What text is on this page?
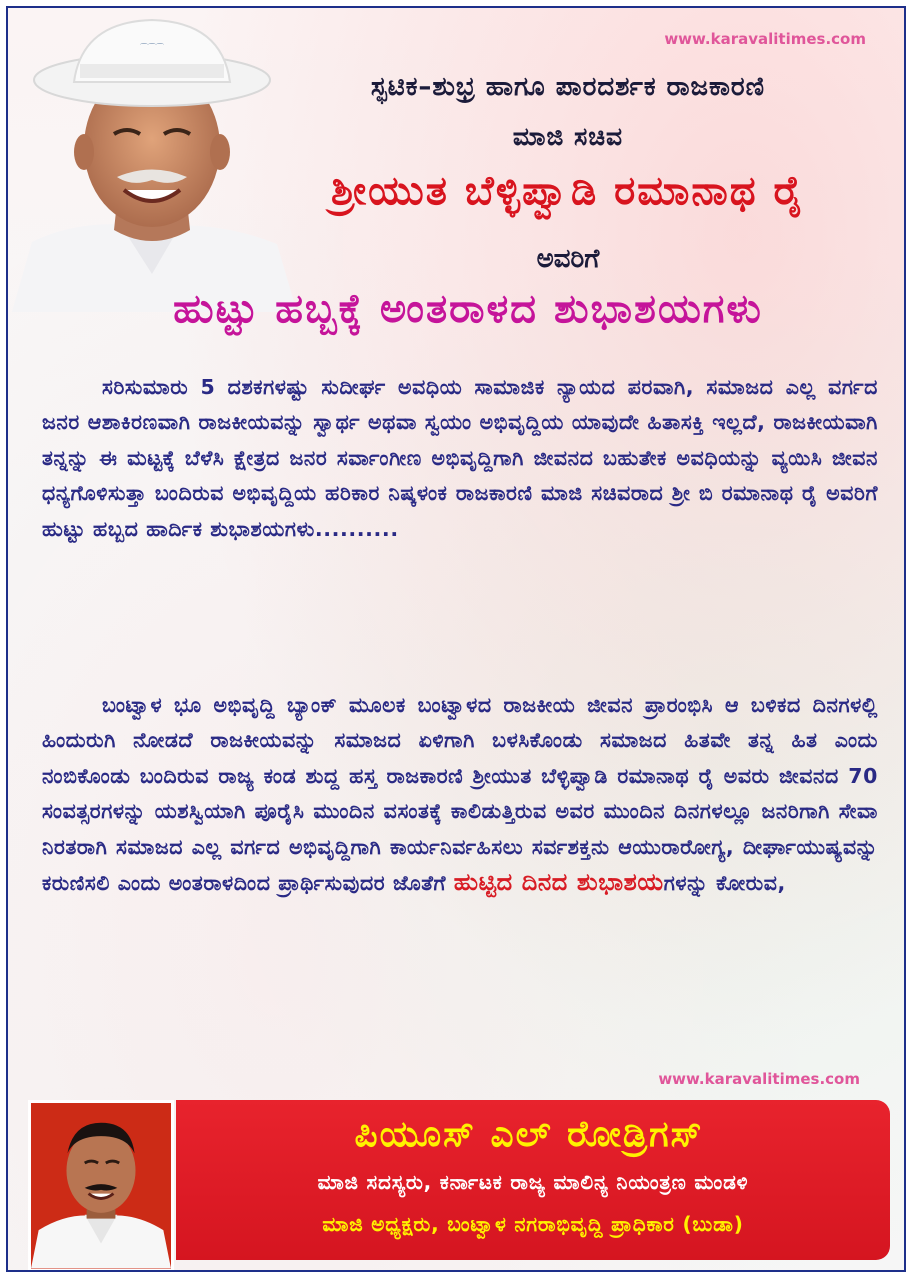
⌒⌒⌒	www.karavalitimes.com
ಸ್ಫಟಿಕ–ಶುಭ್ರ ಹಾಗೂ ಪಾರದರ್ಶಕ ರಾಜಕಾರಣಿ
ಮಾಜಿ ಸಚಿವ
ಶ್ರೀಯುತ ಬೆಳ್ಳಿಪ್ವಾಡಿ ರಮಾನಾಥ ರೈ
ಅವರಿಗೆ
ಹುಟ್ಟು ಹಬ್ಬಕ್ಕೆ ಅಂತರಾಳದ ಶುಭಾಶಯಗಳು
ಸರಿಸುಮಾರು 5 ದಶಕಗಳಷ್ಟು ಸುದೀರ್ಘ ಅವಧಿಯ ಸಾಮಾಜಿಕ ನ್ಯಾಯದ ಪರವಾಗಿ, ಸಮಾಜದ ಎಲ್ಲ ವರ್ಗದ ಜನರ ಆಶಾಕಿರಣವಾಗಿ ರಾಜಕೀಯವನ್ನು ಸ್ವಾರ್ಥ ಅಥವಾ ಸ್ವಯಂ ಅಭಿವೃದ್ದಿಯ ಯಾವುದೇ ಹಿತಾಸಕ್ತಿ ಇಲ್ಲದೆ, ರಾಜಕೀಯವಾಗಿ ತನ್ನನ್ನು ಈ ಮಟ್ಟಕ್ಕೆ ಬೆಳೆಸಿ ಕ್ಷೇತ್ರದ ಜನರ ಸರ್ವಾಂಗೀಣ ಅಭಿವೃದ್ದಿಗಾಗಿ ಜೀವನದ ಬಹುತೇಕ ಅವಧಿಯನ್ನು ವ್ಯಯಿಸಿ ಜೀವನ ಧನ್ಯಗೊಳಿಸುತ್ತಾ ಬಂದಿರುವ ಅಭಿವೃದ್ದಿಯ ಹರಿಕಾರ ನಿಷ್ಕಳಂಕ ರಾಜಕಾರಣಿ ಮಾಜಿ ಸಚಿವರಾದ ಶ್ರೀ ಬಿ ರಮಾನಾಥ ರೈ ಅವರಿಗೆ ಹುಟ್ಟು ಹಬ್ಬದ ಹಾರ್ದಿಕ ಶುಭಾಶಯಗಳು..........
ಬಂಟ್ವಾಳ ಭೂ ಅಭಿವೃದ್ದಿ ಬ್ಯಾಂಕ್ ಮೂಲಕ ಬಂಟ್ವಾಳದ ರಾಜಕೀಯ ಜೀವನ ಪ್ರಾರಂಭಿಸಿ ಆ ಬಳಿಕದ ದಿನಗಳಲ್ಲಿ ಹಿಂದುರುಗಿ ನೋಡದೆ ರಾಜಕೀಯವನ್ನು ಸಮಾಜದ ಏಳಿಗಾಗಿ ಬಳಸಿಕೊಂಡು ಸಮಾಜದ ಹಿತವೇ ತನ್ನ ಹಿತ ಎಂದು ನಂಬಿಕೊಂಡು ಬಂದಿರುವ ರಾಜ್ಯ ಕಂಡ ಶುದ್ದ ಹಸ್ತ ರಾಜಕಾರಣಿ ಶ್ರೀಯುತ ಬೆಳ್ಳಿಪ್ವಾಡಿ ರಮಾನಾಥ ರೈ ಅವರು ಜೀವನದ 70 ಸಂವತ್ಸರಗಳನ್ನು ಯಶಸ್ವಿಯಾಗಿ ಪೂರೈಸಿ ಮುಂದಿನ ವಸಂತಕ್ಕೆ ಕಾಲಿಡುತ್ತಿರುವ ಅವರ ಮುಂದಿನ ದಿನಗಳಲ್ಲೂ ಜನರಿಗಾಗಿ ಸೇವಾ ನಿರತರಾಗಿ ಸಮಾಜದ ಎಲ್ಲ ವರ್ಗದ ಅಭಿವೃದ್ದಿಗಾಗಿ ಕಾರ್ಯನಿರ್ವಹಿಸಲು ಸರ್ವಶಕ್ತನು ಆಯುರಾರೋಗ್ಯ, ದೀರ್ಘಾಯುಷ್ಯವನ್ನು ಕರುಣಿಸಲಿ ಎಂದು ಅಂತರಾಳದಿಂದ ಪ್ರಾರ್ಥಿಸುವುದರ ಜೊತೆಗೆ ಹುಟ್ಟಿದ ದಿನದ ಶುಭಾಶಯಗಳನ್ನು ಕೋರುವ,
www.karavalitimes.com
ಪಿಯೂಸ್ ಎಲ್ ರೋಡ್ರಿಗಸ್
ಮಾಜಿ ಸದಸ್ಯರು, ಕರ್ನಾಟಕ ರಾಜ್ಯ ಮಾಲಿನ್ಯ ನಿಯಂತ್ರಣ ಮಂಡಳಿ
ಮಾಜಿ ಅಧ್ಯಕ್ಷರು, ಬಂಟ್ವಾಳ ನಗರಾಭಿವೃದ್ದಿ ಪ್ರಾಧಿಕಾರ (ಬುಡಾ)
